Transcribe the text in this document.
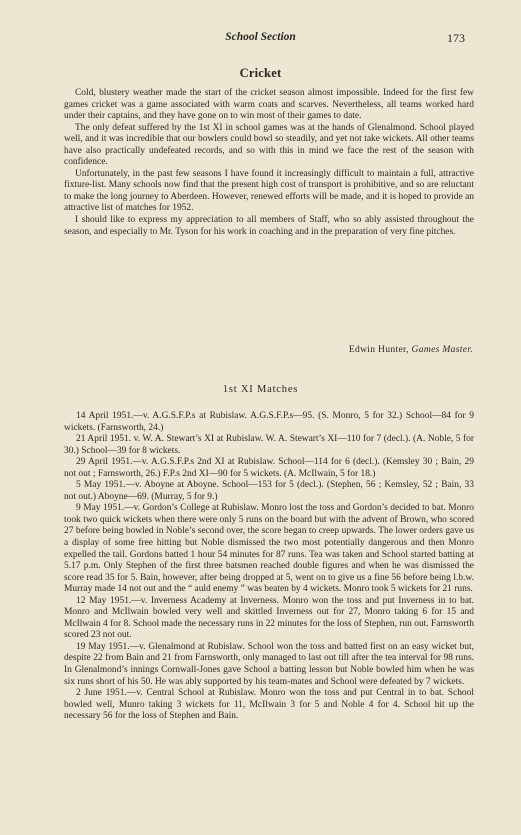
School Section	173
Cricket

Cold, blustery weather made the start of the cricket season almost impossible. Indeed for the first few games cricket was a game associated with warm coats and scarves. Nevertheless, all teams worked hard under their captains, and they have gone on to win most of their games to date.

The only defeat suffered by the 1st XI in school games was at the hands of Glenalmond. School played well, and it was incredible that our bowlers could bowl so steadily, and yet not take wickets. All other teams have also practically undefeated records, and so with this in mind we face the rest of the season with confidence.

Unfortunately, in the past few seasons I have found it increasingly difficult to maintain a full, attractive fixture-list. Many schools now find that the present high cost of transport is prohibitive, and so are reluctant to make the long journey to Aberdeen. However, renewed efforts will be made, and it is hoped to provide an attractive list of matches for 1952.

I should like to express my appreciation to all members of Staff, who so ably assisted throughout the season, and especially to Mr. Tyson for his work in coaching and in the preparation of very fine pitches.

Edwin Hunter, Games Master.
1st XI Matches

14 April 1951.—v. A.G.S.F.P.s at Rubislaw. A.G.S.F.P.s—95. (S. Monro, 5 for 32.) School—84 for 9 wickets. (Farnsworth, 24.)

21 April 1951. v. W. A. Stewart’s XI at Rubislaw. W. A. Stewart’s XI—110 for 7 (decl.). (A. Noble, 5 for 30.) School—39 for 8 wickets.

29 April 1951.—v. A.G.S.F.P.s 2nd XI at Rubislaw. School—114 for 6 (decl.). (Kemsley 30 ; Bain, 29 not out ; Farnsworth, 26.) F.P.s 2nd XI—90 for 5 wickets. (A. McIlwain, 5 for 18.)

5 May 1951.—v. Aboyne at Aboyne. School—153 for 5 (decl.). (Stephen, 56 ; Kemsley, 52 ; Bain, 33 not out.) Aboyne—69. (Murray, 5 for 9.)

9 May 1951.—v. Gordon’s College at Rubislaw. Monro lost the toss and Gordon’s decided to bat. Monro took two quick wickets when there were only 5 runs on the board but with the advent of Brown, who scored 27 before being bowled in Noble’s second over, the score began to creep upwards. The lower orders gave us a display of some free hitting but Noble dismissed the two most potentially dangerous and then Monro expelled the tail. Gordons batted 1 hour 54 minutes for 87 runs. Tea was taken and School started batting at 5.17 p.m. Only Stephen of the first three batsmen reached double figures and when he was dismissed the score read 35 for 5. Bain, however, after being dropped at 5, went on to give us a fine 56 before being l.b.w. Murray made 14 not out and the “ auld enemy ” was beaten by 4 wickets. Monro took 5 wickets for 21 runs.

12 May 1951.—v. Inverness Academy at Inverness. Monro won the toss and put Inverness in to bat. Monro and McIlwain bowled very well and skittled Inverness out for 27, Monro taking 6 for 15 and McIlwain 4 for 8. School made the necessary runs in 22 minutes for the loss of Stephen, run out. Farnsworth scored 23 not out.

19 May 1951.—v. Glenalmond at Rubislaw. School won the toss and batted first on an easy wicket but, despite 22 from Bain and 21 from Farnsworth, only managed to last out till after the tea interval for 98 runs. In Glenalmond’s innings Cornwall-Jones gave School a batting lesson but Noble bowled him when he was six runs short of his 50. He was ably supported by his team-mates and School were defeated by 7 wickets.

2 June 1951.—v. Central School at Rubislaw. Monro won the toss and put Central in to bat. School bowled well, Munro taking 3 wickets for 11, McIlwain 3 for 5 and Noble 4 for 4. School hit up the necessary 56 for the loss of Stephen and Bain.
